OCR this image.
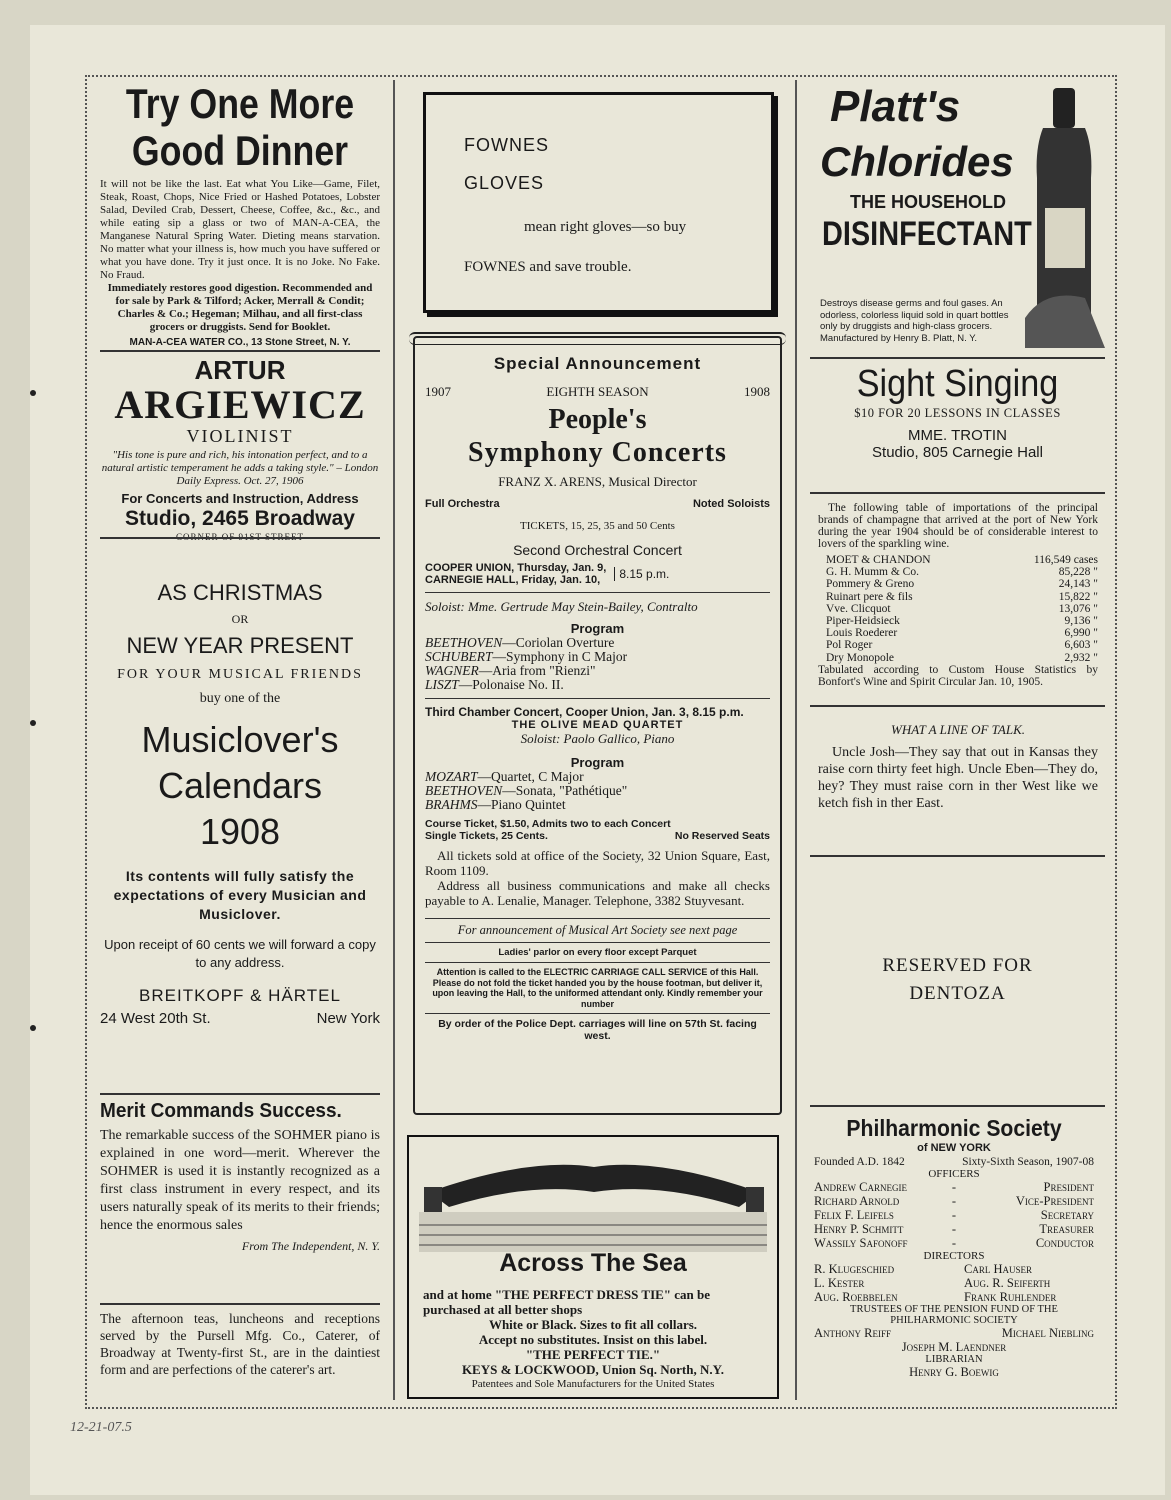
Try One More
Good Dinner
It will not be like the last. Eat what You Like—Game, Filet, Steak, Roast, Chops, Nice Fried or Hashed Potatoes, Lobster Salad, Deviled Crab, Dessert, Cheese, Coffee, &c., &c., and while eating sip a glass or two of MAN-A-CEA, the Manganese Natural Spring Water. Dieting means starvation. No matter what your illness is, how much you have suffered or what you have done. Try it just once. It is no Joke. No Fake. No Fraud.
Immediately restores good digestion. Recommended and for sale by Park & Tilford; Acker, Merrall & Condit; Charles & Co.; Hegeman; Milhau, and all first-class grocers or druggists. Send for Booklet.
MAN-A-CEA WATER CO., 13 Stone Street, N. Y.
ARTUR
ARGIEWICZ
VIOLINIST
"His tone is pure and rich, his intonation perfect, and to a natural artistic temperament he adds a taking style." – London Daily Express. Oct. 27, 1906
For Concerts and Instruction, Address
Studio, 2465 Broadway
AS CHRISTMAS
OR
NEW YEAR PRESENT
FOR YOUR MUSICAL FRIENDS
buy one of the
Musiclover's
Calendars
1908
Its contents will fully satisfy the expectations of every Musician and Musiclover.
Upon receipt of 60 cents we will forward a copy to any address.
BREITKOPF & HÄRTEL
24 West 20th St.	New York
Merit Commands Success.
The remarkable success of the SOHMER piano is explained in one word—merit. Wherever the SOHMER is used it is instantly recognized as a first class instrument in every respect, and its users naturally speak of its merits to their friends; hence the enormous sales
From The Independent, N. Y.
The afternoon teas, luncheons and receptions served by the Pursell Mfg. Co., Caterer, of Broadway at Twenty-first St., are in the daintiest form and are perfections of the caterer's art.
FOWNES
GLOVES
mean right gloves—so buy
FOWNES and save trouble.
Special Announcement
1907	EIGHTH SEASON	1908
People's
Symphony Concerts
FRANZ X. ARENS, Musical Director
Full Orchestra	Noted Soloists
TICKETS, 15, 25, 35 and 50 Cents
Second Orchestral Concert
COOPER UNION, Thursday, Jan. 9,
CARNEGIE HALL, Friday, Jan. 10,	8.15 p.m.
Soloist: Mme. Gertrude May Stein-Bailey, Contralto
Program
BEETHOVEN—Coriolan Overture
SCHUBERT—Symphony in C Major
WAGNER—Aria from "Rienzi"
LISZT—Polonaise No. II.
Third Chamber Concert, Cooper Union, Jan. 3, 8.15 p.m.
THE OLIVE MEAD QUARTET
Soloist: Paolo Gallico, Piano
Program
MOZART—Quartet, C Major
BEETHOVEN—Sonata, "Pathétique"
BRAHMS—Piano Quintet
Course Ticket, $1.50, Admits two to each Concert
Single Tickets, 25 Cents.	No Reserved Seats
All tickets sold at office of the Society, 32 Union Square, East, Room 1109.
Address all business communications and make all checks payable to A. Lenalie, Manager. Telephone, 3382 Stuyvesant.
For announcement of Musical Art Society see next page
Ladies' parlor on every floor except Parquet
Attention is called to the ELECTRIC CARRIAGE CALL SERVICE of this Hall. Please do not fold the ticket handed you by the house footman, but deliver it, upon leaving the Hall, to the uniformed attendant only. Kindly remember your number
By order of the Police Dept. carriages will line on 57th St. facing west.
Across The Sea
and at home "THE PERFECT DRESS TIE" can be purchased at all better shops
White or Black. Sizes to fit all collars.
Accept no substitutes. Insist on this label.
"THE PERFECT TIE."
KEYS & LOCKWOOD, Union Sq. North, N.Y.
Patentees and Sole Manufacturers for the United States
Platt's
Chlorides
THE HOUSEHOLD
DISINFECTANT
Destroys disease germs and foul gases. An odorless, colorless liquid sold in quart bottles only by druggists and high-class grocers. Manufactured by Henry B. Platt, N. Y.
Sight Singing
$10 FOR 20 LESSONS IN CLASSES
MME. TROTIN
Studio, 805 Carnegie Hall
The following table of importations of the principal brands of champagne that arrived at the port of New York during the year 1904 should be of considerable interest to lovers of the sparkling wine.
MOET & CHANDON	116,549 cases
G. H. Mumm & Co.	85,228 "
Pommery & Greno	24,143 "
Ruinart pere & fils	15,822 "
Vve. Clicquot	13,076 "
Piper-Heidsieck	9,136 "
Louis Roederer	6,990 "
Pol Roger	6,603 "
Dry Monopole	2,932 "
Tabulated according to Custom House Statistics by Bonfort's Wine and Spirit Circular Jan. 10, 1905.
WHAT A LINE OF TALK.
Uncle Josh—They say that out in Kansas they raise corn thirty feet high. Uncle Eben—They do, hey? They must raise corn in ther West like we ketch fish in ther East.
RESERVED FOR
DENTOZA
Philharmonic Society
of NEW YORK
Founded A.D. 1842	Sixty-Sixth Season, 1907-08
OFFICERS
Andrew Carnegie	-	President
Richard Arnold	-	Vice-President
Felix F. Leifels	-	Secretary
Henry P. Schmitt	-	Treasurer
Wassily Safonoff	-	Conductor
DIRECTORS
R. Klugeschied	Carl Hauser
L. Kester	Aug. R. Seiferth
Aug. Roebbelen	Frank Ruhlender
TRUSTEES OF THE PENSION FUND OF THE PHILHARMONIC SOCIETY
Anthony Reiff	Michael Niebling
Joseph M. Laendner
LIBRARIAN
Henry G. Boewig
12-21-07.5
